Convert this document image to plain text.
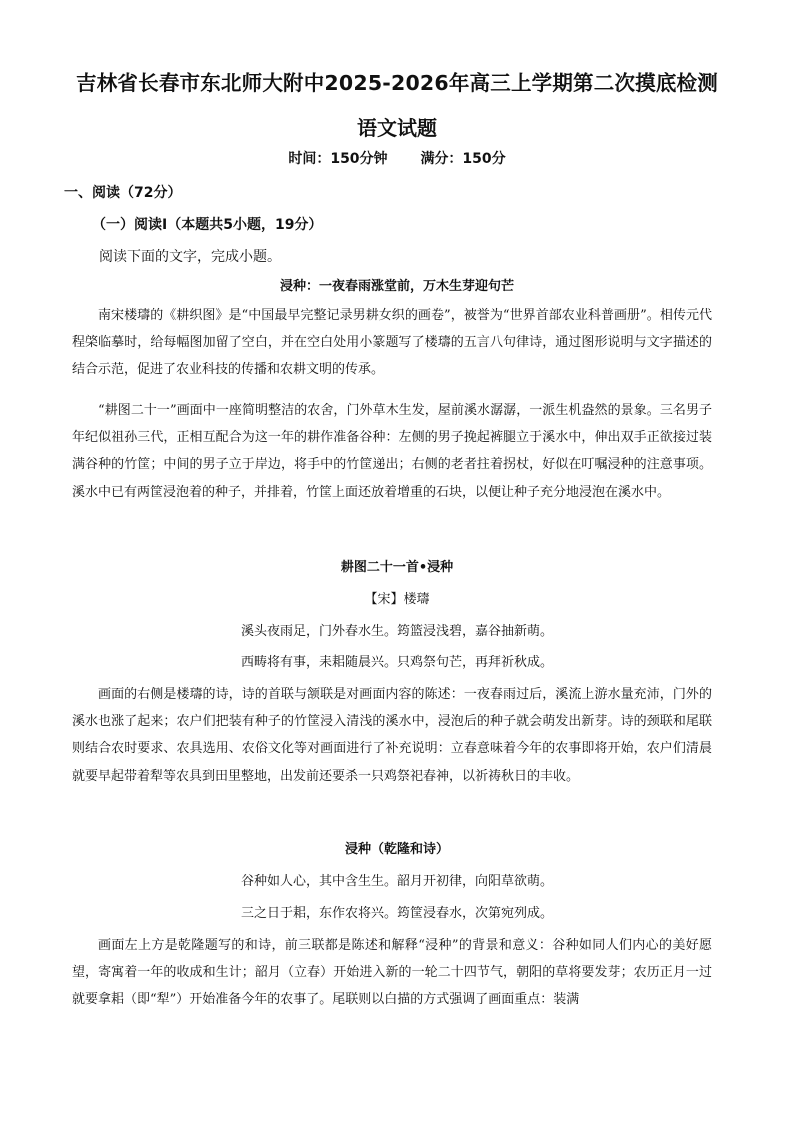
吉林省长春市东北师大附中2025-2026年高三上学期第二次摸底检测
语文试题
时间：150分钟 满分：150分
一、阅读（72分）
（一）阅读Ⅰ（本题共5小题，19分）
阅读下面的文字，完成小题。
浸种：一夜春雨涨堂前，万木生芽迎句芒

南宋楼璹的《耕织图》是“中国最早完整记录男耕女织的画卷”，被誉为“世界首部农业科普画册”。相传元代程棨临摹时，给每幅图加留了空白，并在空白处用小篆题写了楼璹的五言八句律诗，通过图形说明与文字描述的结合示范，促进了农业科技的传播和农耕文明的传承。

“耕图二十一”画面中一座简明整洁的农舍，门外草木生发，屋前溪水潺潺，一派生机盎然的景象。三名男子年纪似祖孙三代，正相互配合为这一年的耕作准备谷种：左侧的男子挽起裤腿立于溪水中，伸出双手正欲接过装满谷种的竹筐；中间的男子立于岸边，将手中的竹筐递出；右侧的老者拄着拐杖，好似在叮嘱浸种的注意事项。溪水中已有两筐浸泡着的种子，并排着，竹筐上面还放着增重的石块，以便让种子充分地浸泡在溪水中。

耕图二十一首•浸种
【宋】楼璹
溪头夜雨足，门外春水生。筠篮浸浅碧，嘉谷抽新萌。
西畴将有事，耒耜随晨兴。只鸡祭句芒，再拜祈秋成。

画面的右侧是楼璹的诗，诗的首联与颔联是对画面内容的陈述：一夜春雨过后，溪流上游水量充沛，门外的溪水也涨了起来；农户们把装有种子的竹筐浸入清浅的溪水中，浸泡后的种子就会萌发出新芽。诗的颈联和尾联则结合农时要求、农具选用、农俗文化等对画面进行了补充说明：立春意味着今年的农事即将开始，农户们清晨就要早起带着犁等农具到田里整地，出发前还要杀一只鸡祭祀春神，以祈祷秋日的丰收。

浸种（乾隆和诗）
谷种如人心，其中含生生。韶月开初律，向阳草欲萌。
三之日于耜，东作农将兴。筠筐浸春水，次第宛列成。

画面左上方是乾隆题写的和诗，前三联都是陈述和解释“浸种”的背景和意义：谷种如同人们内心的美好愿望，寄寓着一年的收成和生计；韶月（立春）开始进入新的一轮二十四节气，朝阳的草将要发芽；农历正月一过就要拿耜（即“犁”）开始准备今年的农事了。尾联则以白描的方式强调了画面重点：装满
